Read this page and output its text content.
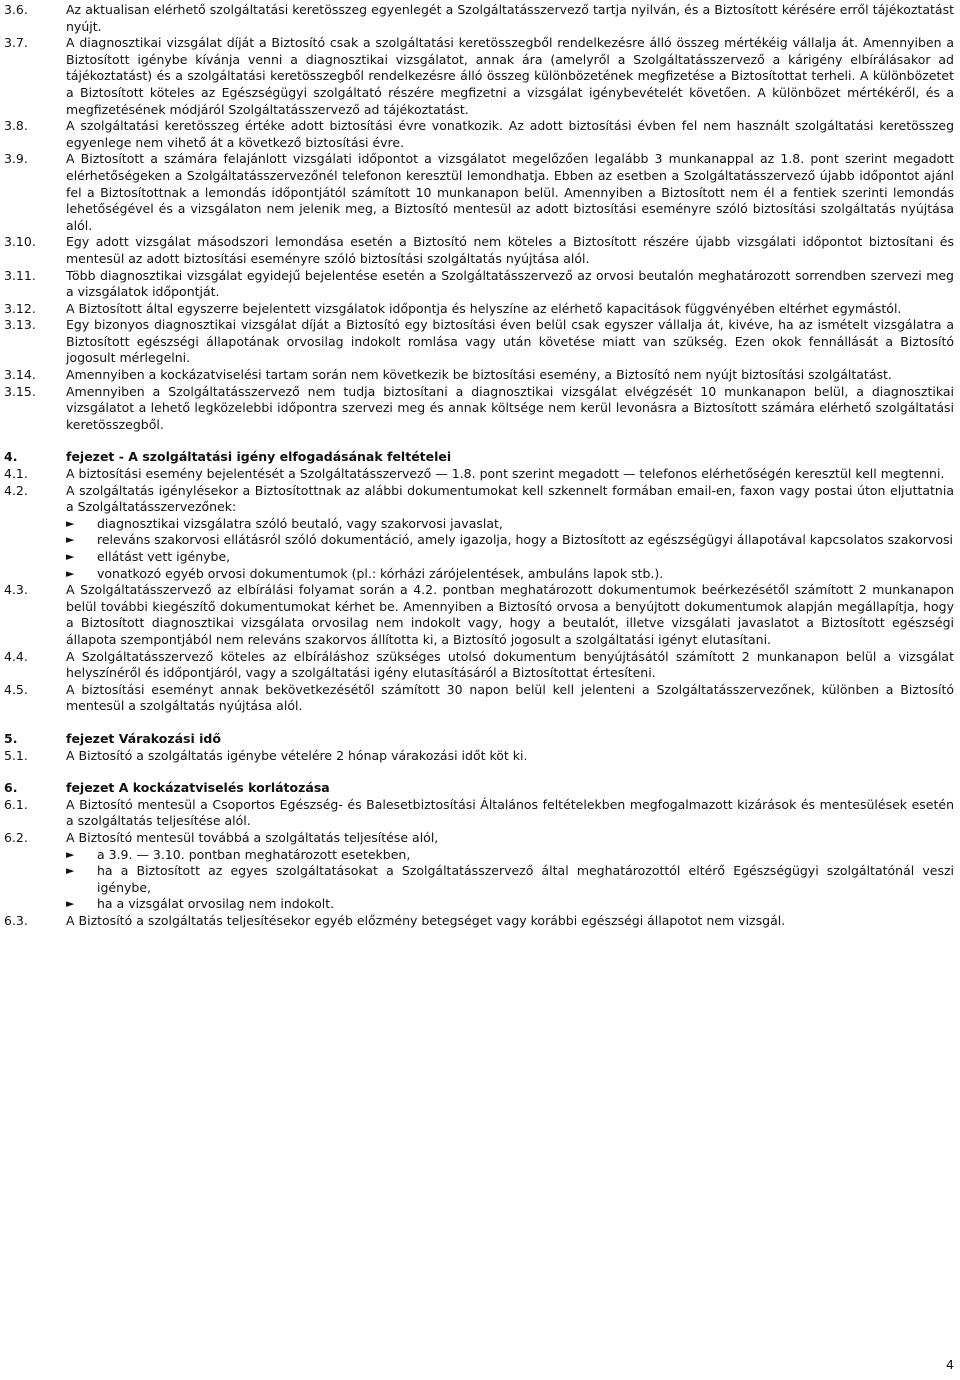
3.6.	Az aktualisan elérhető szolgáltatási keretösszeg egyenlegét a Szolgáltatásszervező tartja nyilván, és a Biztosított kérésére erről tájékoztatást nyújt.
3.7.	A diagnosztikai vizsgálat díját a Biztosító csak a szolgáltatási keretösszegből rendelkezésre álló összeg mértékéig vállalja át. Amennyiben a Biztosított igénybe kívánja venni a diagnosztikai vizsgálatot, annak ára (amelyről a Szolgáltatásszervező a kárigény elbírálásakor ad tájékoztatást) és a szolgáltatási keretösszegből rendelkezésre álló összeg különbözetének megfizetése a Biztosítottat terheli. A különbözetet a Biztosított köteles az Egészségügyi szolgáltató részére megfizetni a vizsgálat igénybevételét követően. A különbözet mértékéről, és a megfizetésének módjáról Szolgáltatásszervező ad tájékoztatást.
3.8.	A szolgáltatási keretösszeg értéke adott biztosítási évre vonatkozik. Az adott biztosítási évben fel nem használt szolgáltatási keretösszeg egyenlege nem vihető át a következő biztosítási évre.
3.9.	A Biztosított a számára felajánlott vizsgálati időpontot a vizsgálatot megelőzően legalább 3 munkanappal az 1.8. pont szerint megadott elérhetőségeken a Szolgáltatásszervezőnél telefonon keresztül lemondhatja. Ebben az esetben a Szolgáltatásszervező újabb időpontot ajánl fel a Biztosítottnak a lemondás időpontjától számított 10 munkanapon belül. Amennyiben a Biztosított nem él a fentiek szerinti lemondás lehetőségével és a vizsgálaton nem jelenik meg, a Biztosító mentesül az adott biztosítási eseményre szóló biztosítási szolgáltatás nyújtása alól.
3.10.	Egy adott vizsgálat másodszori lemondása esetén a Biztosító nem köteles a Biztosított részére újabb vizsgálati időpontot biztosítani és mentesül az adott biztosítási eseményre szóló biztosítási szolgáltatás nyújtása alól.
3.11.	Több diagnosztikai vizsgálat egyidejű bejelentése esetén a Szolgáltatásszervező az orvosi beutalón meghatározott sorrendben szervezi meg a vizsgálatok időpontját.
3.12.	A Biztosított által egyszerre bejelentett vizsgálatok időpontja és helyszíne az elérhető kapacitások függvényében eltérhet egymástól.
3.13.	Egy bizonyos diagnosztikai vizsgálat díját a Biztosító egy biztosítási éven belül csak egyszer vállalja át, kivéve, ha az ismételt vizsgálatra a Biztosított egészségi állapotának orvosilag indokolt romlása vagy után követése miatt van szükség. Ezen okok fennállását a Biztosító jogosult mérlegelni.
3.14.	Amennyiben a kockázatviselési tartam során nem következik be biztosítási esemény, a Biztosító nem nyújt biztosítási szolgáltatást.
3.15.	Amennyiben a Szolgáltatásszervező nem tudja biztosítani a diagnosztikai vizsgálat elvégzését 10 munkanapon belül, a diagnosztikai vizsgálatot a lehető legközelebbi időpontra szervezi meg és annak költsége nem kerül levonásra a Biztosított számára elérhető szolgáltatási keretösszegből.
4.	fejezet - A szolgáltatási igény elfogadásának feltételei
4.1.	A biztosítási esemény bejelentését a Szolgáltatásszervező — 1.8. pont szerint megadott — telefonos elérhetőségén keresztül kell megtenni.
4.2.	A szolgáltatás igénylésekor a Biztosítottnak az alábbi dokumentumokat kell szkennelt formában email-en, faxon vagy postai úton eljuttatnia a Szolgáltatásszervezőnek:
►	diagnosztikai vizsgálatra szóló beutaló, vagy szakorvosi javaslat,
►	releváns szakorvosi ellátásról szóló dokumentáció, amely igazolja, hogy a Biztosított az egészségügyi állapotával kapcsolatos szakorvosi
►	ellátást vett igénybe,
►	vonatkozó egyéb orvosi dokumentumok (pl.: kórházi zárójelentések, ambuláns lapok stb.).
4.3.	A Szolgáltatásszervező az elbírálási folyamat során a 4.2. pontban meghatározott dokumentumok beérkezésétől számított 2 munkanapon belül további kiegészítő dokumentumokat kérhet be. Amennyiben a Biztosító orvosa a benyújtott dokumentumok alapján megállapítja, hogy a Biztosított diagnosztikai vizsgálata orvosilag nem indokolt vagy, hogy a beutalót, illetve vizsgálati javaslatot a Biztosított egészségi állapota szempontjából nem releváns szakorvos állította ki, a Biztosító jogosult a szolgáltatási igényt elutasítani.
4.4.	A Szolgáltatásszervező köteles az elbíráláshoz szükséges utolsó dokumentum benyújtásától számított 2 munkanapon belül a vizsgálat helyszínéről és időpontjáról, vagy a szolgáltatási igény elutasításáról a Biztosítottat értesíteni.
4.5.	A biztosítási eseményt annak bekövetkezésétől számított 30 napon belül kell jelenteni a Szolgáltatásszervezőnek, különben a Biztosító mentesül a szolgáltatás nyújtása alól.
5.	fejezet Várakozási idő
5.1.	A Biztosító a szolgáltatás igénybe vételére 2 hónap várakozási időt köt ki.
6.	fejezet A kockázatviselés korlátozása
6.1.	A Biztosító mentesül a Csoportos Egészség- és Balesetbiztosítási Általános feltételekben megfogalmazott kizárások és mentesülések esetén a szolgáltatás teljesítése alól.
6.2.	A Biztosító mentesül továbbá a szolgáltatás teljesítése alól,
►	a 3.9. — 3.10. pontban meghatározott esetekben,
►	ha a Biztosított az egyes szolgáltatásokat a Szolgáltatásszervező által meghatározottól eltérő Egészségügyi szolgáltatónál veszi igénybe,
►	ha a vizsgálat orvosilag nem indokolt.
6.3.	A Biztosító a szolgáltatás teljesítésekor egyéb előzmény betegséget vagy korábbi egészségi állapotot nem vizsgál.
4
